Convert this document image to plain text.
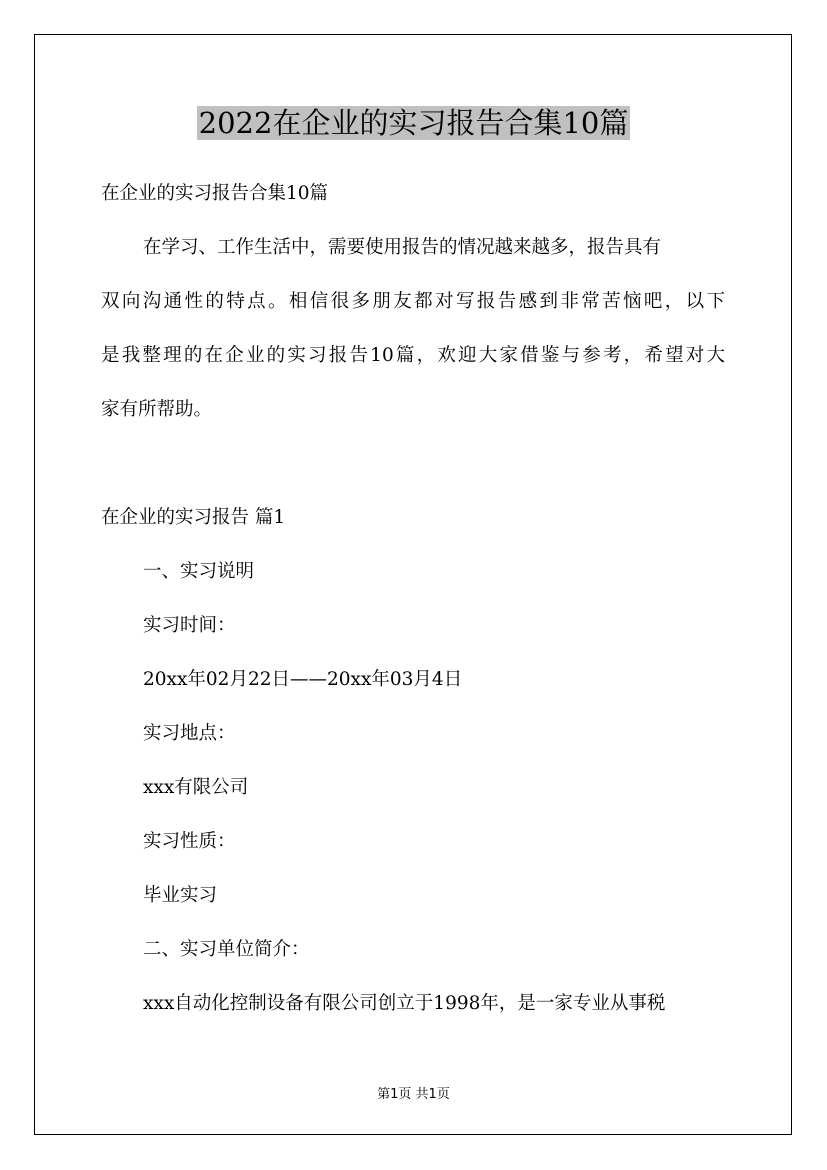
2022在企业的实习报告合集10篇
在企业的实习报告合集10篇
在学习、工作生活中，需要使用报告的情况越来越多，报告具有
双向沟通性的特点。相信很多朋友都对写报告感到非常苦恼吧，以下
是我整理的在企业的实习报告10篇，欢迎大家借鉴与参考，希望对大
家有所帮助。
在企业的实习报告 篇1
一、实习说明
实习时间：
20xx年02月22日——20xx年03月4日
实习地点：
xxx有限公司
实习性质：
毕业实习
二、实习单位简介：
xxx自动化控制设备有限公司创立于1998年，是一家专业从事税
第1页 共1页
